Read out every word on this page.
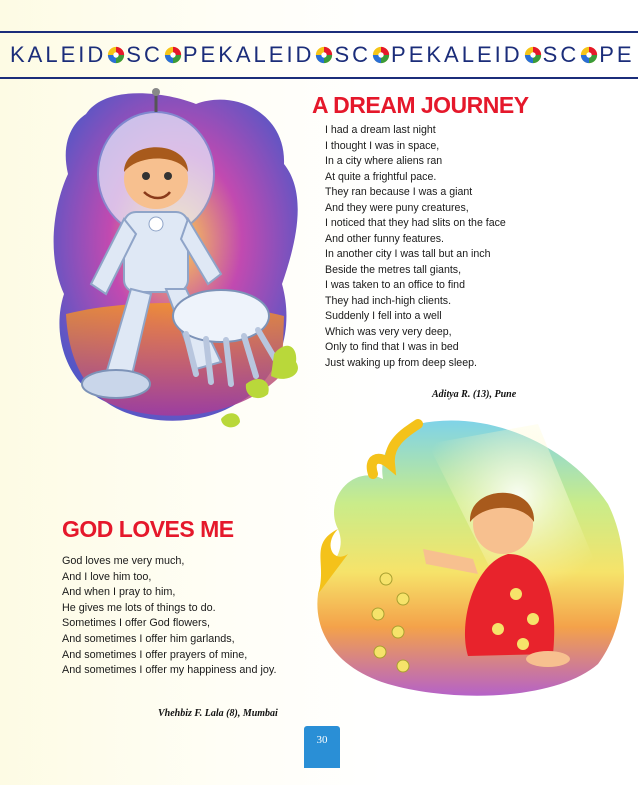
KALEID SC PE KALEID SC PE KALEID SC PE
A DREAM JOURNEY
I had a dream last night
I thought I was in space,
In a city where aliens ran
At quite a frightful pace.
They ran because I was a giant
And they were puny creatures,
I noticed that they had slits on the face
And other funny features.
In another city I was tall but an inch
Beside the metres tall giants,
I was taken to an office to find
They had inch-high clients.
Suddenly I fell into a well
Which was very very deep,
Only to find that I was in bed
Just waking up from deep sleep.
Aditya R. (13), Pune
GOD LOVES ME
God loves me very much,
And I love him too,
And when I pray to him,
He gives me lots of things to do.
Sometimes I offer God flowers,
And sometimes I offer him garlands,
And sometimes I offer prayers of mine,
And sometimes I offer my happiness and joy.
Vhehbiz F. Lala (8), Mumbai
30
